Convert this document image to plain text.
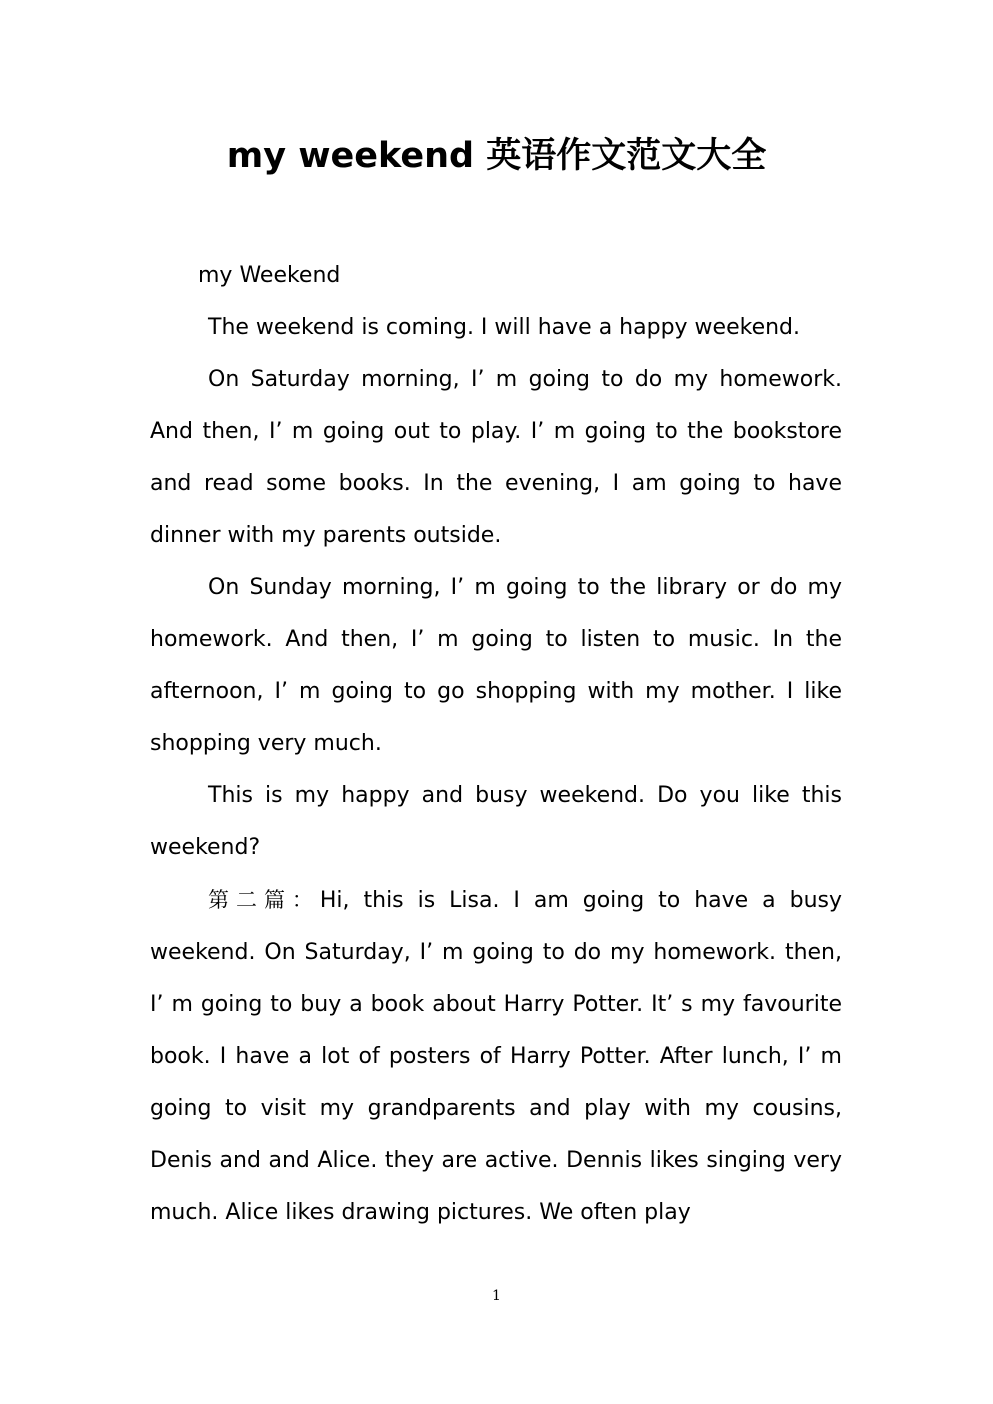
my weekend 英语作文范文大全

my Weekend

The weekend is coming. I will have a happy weekend.

On Saturday morning, I’ m going to do my homework. And then, I’ m going out to play. I’ m going to the bookstore and read some books. In the evening, I am going to have dinner with my parents outside.

On Sunday morning, I’ m going to the library or do my homework. And then, I’ m going to listen to music. In the afternoon, I’ m going to go shopping with my mother. I like shopping very much.

This is my happy and busy weekend. Do you like this weekend?

第二篇：Hi, this is Lisa. I am going to have a busy weekend. On Saturday, I’ m going to do my homework. then, I’ m going to buy a book about Harry Potter. It’ s my favourite book. I have a lot of posters of Harry Potter. After lunch, I’ m going to visit my grandparents and play with my cousins, Denis and and Alice. they are active. Dennis likes singing very much. Alice likes drawing pictures. We often play

1
